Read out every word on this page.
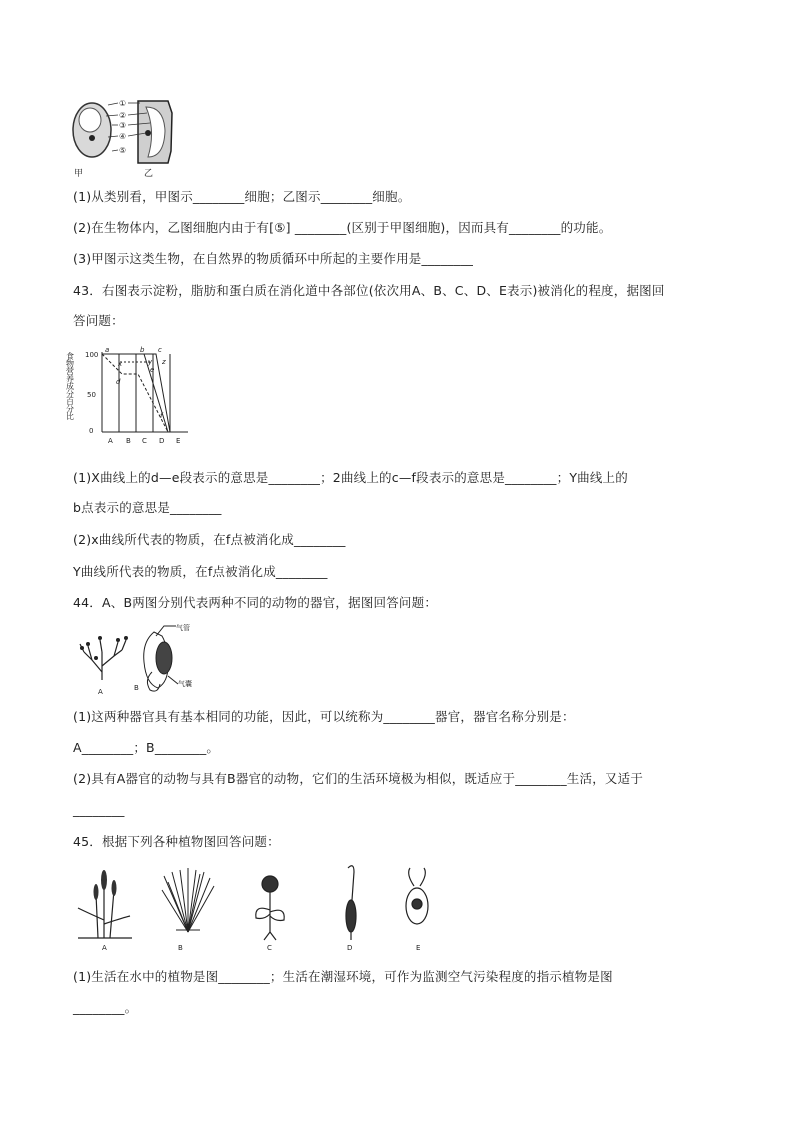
①
②
③
④
⑤
甲	乙
(1)从类别看，甲图示________细胞；乙图示________细胞。
(2)在生物体内，乙图细胞内由于有[⑤] ________(区别于甲图细胞)，因而具有________的功能。
(3)甲图示这类生物，在自然界的物质循环中所起的主要作用是________
43．右图表示淀粉，脂肪和蛋白质在消化道中各部位(依次用A、B、C、D、E表示)被消化的程度，据图回
答问题：
食物营养成分百分比 100
50
0
a	b c
d
e
f
x	y z
A B C D E
(1)X曲线上的d—e段表示的意思是________；2曲线上的c—f段表示的意思是________；Y曲线上的
b点表示的意思是________
(2)x曲线所代表的物质，在f点被消化成________
Y曲线所代表的物质，在f点被消化成________
44．A、B两图分别代表两种不同的动物的器官，据图回答问题：
气管
气囊
A	B
(1)这两种器官具有基本相同的功能，因此，可以统称为________器官，器官名称分别是：
A________；B________。
(2)具有A器官的动物与具有B器官的动物，它们的生活环境极为相似，既适应于________生活，又适于
________
45．根据下列各种植物图回答问题：
A	B	C	D	E
(1)生活在水中的植物是图________；生活在潮湿环境，可作为监测空气污染程度的指示植物是图
________。
